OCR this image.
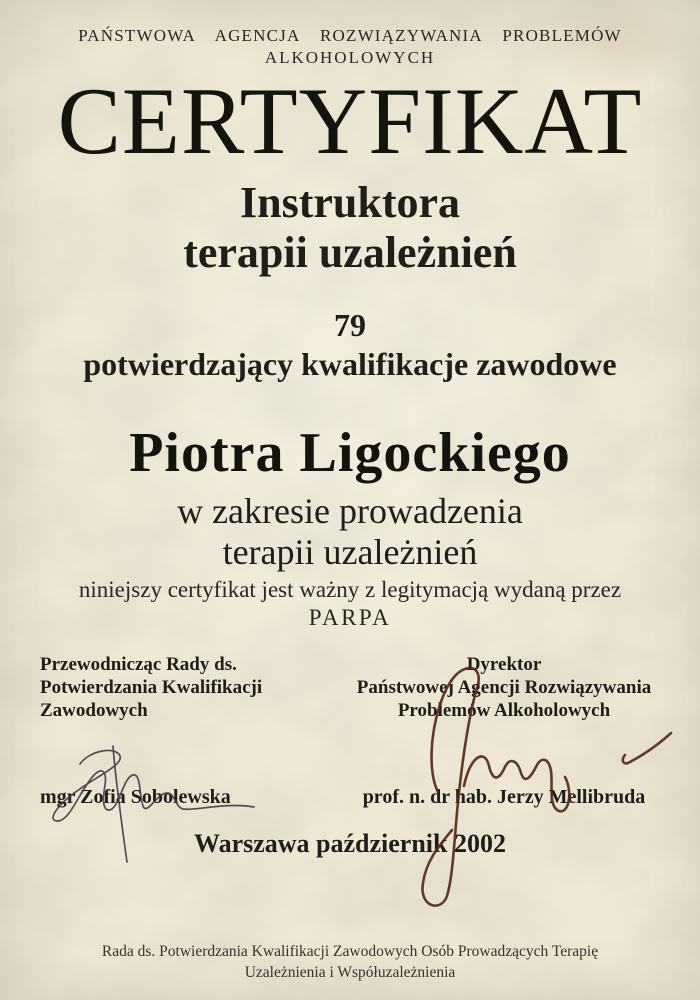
PAŃSTWOWA AGENCJA ROZWIĄZYWANIA PROBLEMÓW
ALKOHOLOWYCH
CERTYFIKAT
Instruktora
terapii uzależnień
79
potwierdzający kwalifikacje zawodowe
Piotra Ligockiego
w zakresie prowadzenia
terapii uzależnień
niniejszy certyfikat jest ważny z legitymacją wydaną przez
PARPA
Przewodnicząc Rady ds.
Potwierdzania Kwalifikacji
Zawodowych
Dyrektor
Państwowej Agencji Rozwiązywania
Problemów Alkoholowych
mgr Zofia Sobolewska	prof. n. dr hab. Jerzy Mellibruda
Warszawa październik 2002
Rada ds. Potwierdzania Kwalifikacji Zawodowych Osób Prowadzących Terapię
Uzależnienia i Współuzależnienia
